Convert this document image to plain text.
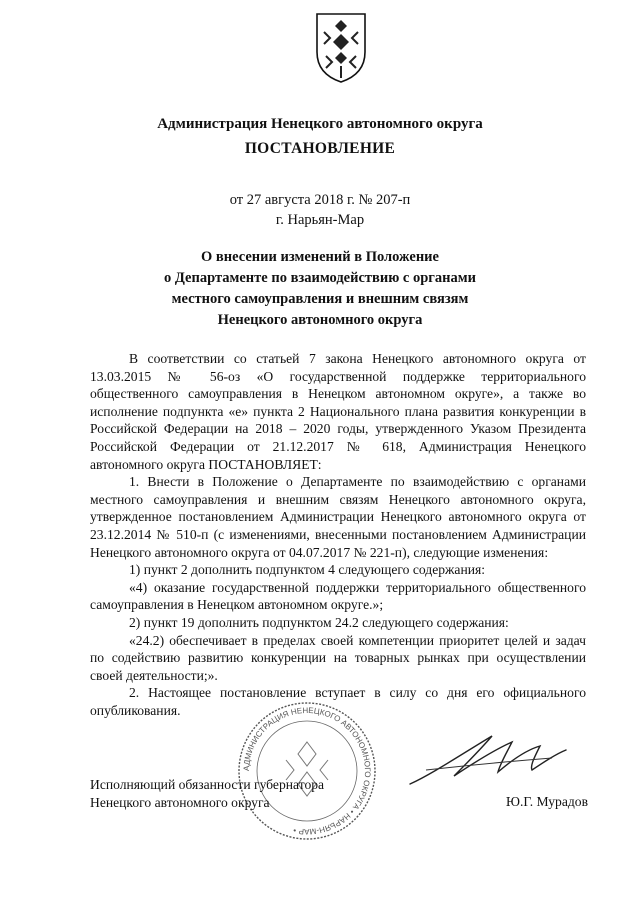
Администрация Ненецкого автономного округа
ПОСТАНОВЛЕНИЕ
от 27 августа 2018 г. № 207-п
г. Нарьян-Мар
О внесении изменений в Положение
о Департаменте по взаимодействию с органами
местного самоуправления и внешним связям
Ненецкого автономного округа

В соответствии со статьей 7 закона Ненецкого автономного округа от 13.03.2015 № 56-оз «О государственной поддержке территориального общественного самоуправления в Ненецком автономном округе», а также во исполнение подпункта «е» пункта 2 Национального плана развития конкуренции в Российской Федерации на 2018 – 2020 годы, утвержденного Указом Президента Российской Федерации от 21.12.2017 № 618, Администрация Ненецкого автономного округа ПОСТАНОВЛЯЕТ:

1. Внести в Положение о Департаменте по взаимодействию с органами местного самоуправления и внешним связям Ненецкого автономного округа, утвержденное постановлением Администрации Ненецкого автономного округа от 23.12.2014 № 510-п (с изменениями, внесенными постановлением Администрации Ненецкого автономного округа от 04.07.2017 № 221-п), следующие изменения:

1) пункт 2 дополнить подпунктом 4 следующего содержания:

«4) оказание государственной поддержки территориального общественного самоуправления в Ненецком автономном округе.»;

2) пункт 19 дополнить подпунктом 24.2 следующего содержания:

«24.2) обеспечивает в пределах своей компетенции приоритет целей и задач по содействию развитию конкуренции на товарных рынках при осуществлении своей деятельности;».

2. Настоящее постановление вступает в силу со дня его официального опубликования.

АДМИНИСТРАЦИЯ НЕНЕЦКОГО АВТОНОМНОГО ОКРУГА • НАРЬЯН-МАР •
Исполняющий обязанности губернатора
Ненецкого автономного округа	Ю.Г. Мурадов
